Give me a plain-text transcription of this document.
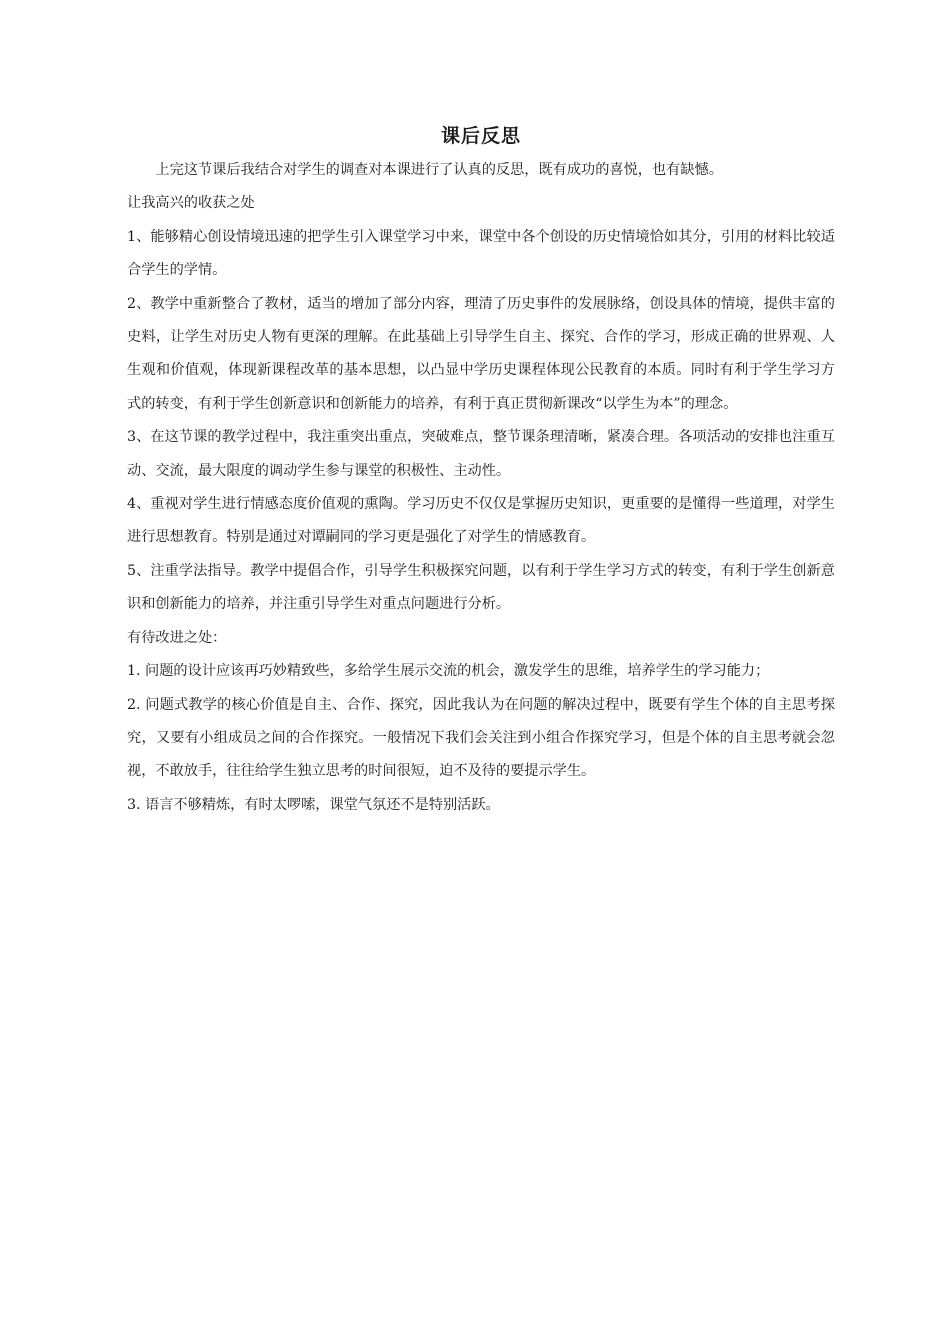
课后反思

上完这节课后我结合对学生的调查对本课进行了认真的反思，既有成功的喜悦，也有缺憾。

让我高兴的收获之处

1、能够精心创设情境迅速的把学生引入课堂学习中来，课堂中各个创设的历史情境恰如其分，引用的材料比较适合学生的学情。

2、教学中重新整合了教材，适当的增加了部分内容，理清了历史事件的发展脉络，创设具体的情境，提供丰富的史料，让学生对历史人物有更深的理解。在此基础上引导学生自主、探究、合作的学习，形成正确的世界观、人生观和价值观，体现新课程改革的基本思想，以凸显中学历史课程体现公民教育的本质。同时有利于学生学习方式的转变，有利于学生创新意识和创新能力的培养，有利于真正贯彻新课改“以学生为本”的理念。

3、在这节课的教学过程中，我注重突出重点，突破难点，整节课条理清晰，紧凑合理。各项活动的安排也注重互动、交流，最大限度的调动学生参与课堂的积极性、主动性。

4、重视对学生进行情感态度价值观的熏陶。学习历史不仅仅是掌握历史知识，更重要的是懂得一些道理，对学生进行思想教育。特别是通过对谭嗣同的学习更是强化了对学生的情感教育。

5、注重学法指导。教学中提倡合作，引导学生积极探究问题，以有利于学生学习方式的转变，有利于学生创新意识和创新能力的培养，并注重引导学生对重点问题进行分析。

有待改进之处：

1. 问题的设计应该再巧妙精致些，多给学生展示交流的机会，激发学生的思维，培养学生的学习能力；

2. 问题式教学的核心价值是自主、合作、探究，因此我认为在问题的解决过程中，既要有学生个体的自主思考探究，又要有小组成员之间的合作探究。一般情况下我们会关注到小组合作探究学习，但是个体的自主思考就会忽视，不敢放手，往往给学生独立思考的时间很短，迫不及待的要提示学生。

3. 语言不够精炼，有时太啰嗦，课堂气氛还不是特别活跃。
